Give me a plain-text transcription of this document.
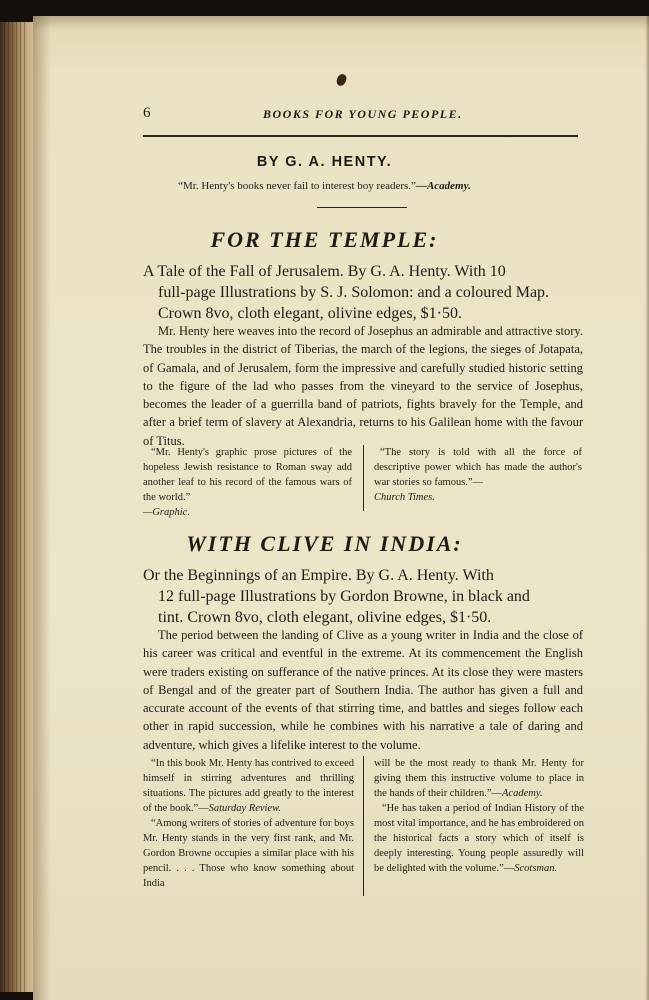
6	BOOKS FOR YOUNG PEOPLE.
BY G. A. HENTY.
“Mr. Henty's books never fail to interest boy readers.”—Academy.
FOR THE TEMPLE:
A Tale of the Fall of Jerusalem. By G. A. Henty. With 10
full-page Illustrations by S. J. Solomon: and a coloured Map.
Crown 8vo, cloth elegant, olivine edges, $1·50.
Mr. Henty here weaves into the record of Josephus an admirable and attractive story. The troubles in the district of Tiberias, the march of the legions, the sieges of Jotapata, of Gamala, and of Jerusalem, form the impressive and carefully studied historic setting to the figure of the lad who passes from the vineyard to the service of Josephus, becomes the leader of a guerrilla band of patriots, fights bravely for the Temple, and after a brief term of slavery at Alexandria, returns to his Galilean home with the favour of Titus.
“Mr. Henty's graphic prose pictures of the hopeless Jewish resistance to Roman sway add another leaf to his record of the famous wars of the world.”
—Graphic.
“The story is told with all the force of descriptive power which has made the author's war stories so famous.”—
Church Times.
WITH CLIVE IN INDIA:
Or the Beginnings of an Empire. By G. A. Henty. With
12 full-page Illustrations by Gordon Browne, in black and
tint. Crown 8vo, cloth elegant, olivine edges, $1·50.
The period between the landing of Clive as a young writer in India and the close of his career was critical and eventful in the extreme. At its commencement the English were traders existing on sufferance of the native princes. At its close they were masters of Bengal and of the greater part of Southern India. The author has given a full and accurate account of the events of that stirring time, and battles and sieges follow each other in rapid succession, while he combines with his narrative a tale of daring and adventure, which gives a lifelike interest to the volume.
“In this book Mr. Henty has contrived to exceed himself in stirring adventures and thrilling situations. The pictures add greatly to the interest of the book.”—Saturday Review.
“Among writers of stories of adventure for boys Mr. Henty stands in the very first rank, and Mr. Gordon Browne occupies a similar place with his pencil. . . . Those who know something about India
will be the most ready to thank Mr. Henty for giving them this instructive volume to place in the hands of their children.”—Academy.
“He has taken a period of Indian History of the most vital importance, and he has embroidered on the historical facts a story which of itself is deeply interesting. Young people assuredly will be delighted with the volume.”—Scotsman.
